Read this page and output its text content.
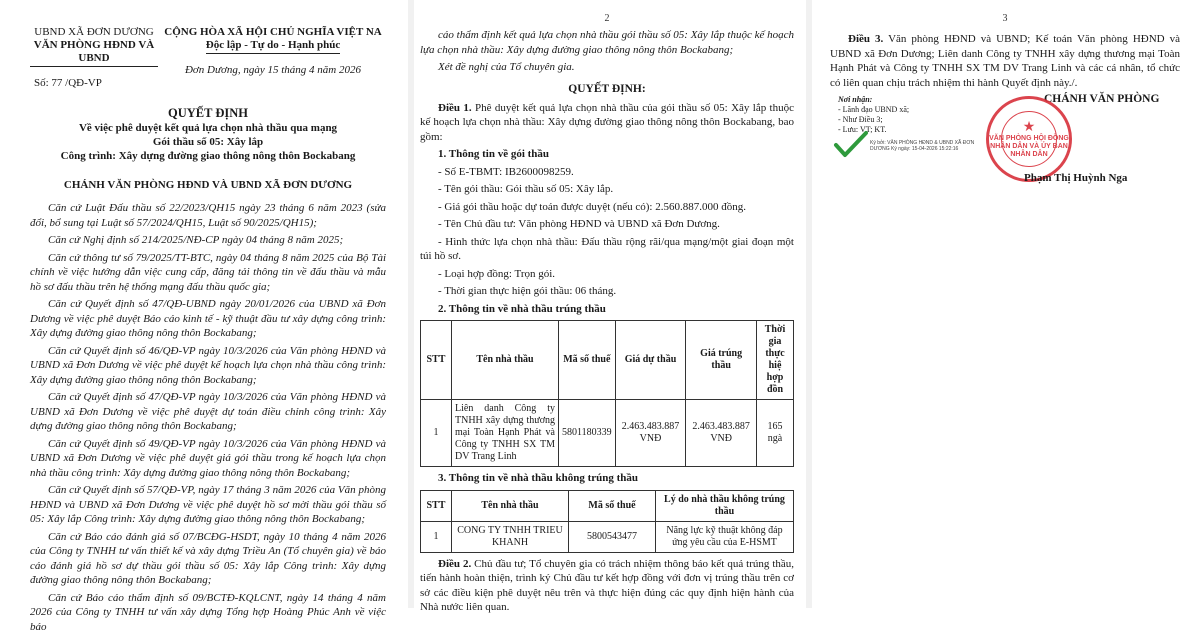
UBND XÃ ĐƠN DƯƠNG
VĂN PHÒNG HĐND VÀ UBND
Số: 77 /QĐ-VP
CỘNG HÒA XÃ HỘI CHỦ NGHĨA VIỆT NA
Độc lập - Tự do - Hạnh phúc
Đơn Dương, ngày 15 tháng 4 năm 2026
QUYẾT ĐỊNH
Về việc phê duyệt kết quả lựa chọn nhà thầu qua mạng
Gói thầu số 05: Xây lắp
Công trình: Xây dựng đường giao thông nông thôn Bockabang
CHÁNH VĂN PHÒNG HĐND VÀ UBND XÃ ĐƠN DƯƠNG

Căn cứ Luật Đấu thầu số 22/2023/QH15 ngày 23 tháng 6 năm 2023 (sửa đổi, bổ sung tại Luật số 57/2024/QH15, Luật số 90/2025/QH15);

Căn cứ Nghị định số 214/2025/NĐ-CP ngày 04 tháng 8 năm 2025;

Căn cứ thông tư số 79/2025/TT-BTC, ngày 04 tháng 8 năm 2025 của Bộ Tài chính về việc hướng dẫn việc cung cấp, đăng tải thông tin về đấu thầu và mẫu hồ sơ đấu thầu trên hệ thống mạng đấu thầu quốc gia;

Căn cứ Quyết định số 47/QĐ-UBND ngày 20/01/2026 của UBND xã Đơn Dương về việc phê duyệt Báo cáo kinh tế - kỹ thuật đầu tư xây dựng công trình: Xây dựng đường giao thông nông thôn Bockabang;

Căn cứ Quyết định số 46/QĐ-VP ngày 10/3/2026 của Văn phòng HĐND và UBND xã Đơn Dương về việc phê duyệt kế hoạch lựa chọn nhà thầu công trình: Xây dựng đường giao thông nông thôn Bockabang;

Căn cứ Quyết định số 47/QĐ-VP ngày 10/3/2026 của Văn phòng HĐND và UBND xã Đơn Dương về việc phê duyệt dự toán điều chỉnh công trình: Xây dựng đường giao thông nông thôn Bockabang;

Căn cứ Quyết định số 49/QĐ-VP ngày 10/3/2026 của Văn phòng HĐND và UBND xã Đơn Dương về việc phê duyệt giá gói thầu trong kế hoạch lựa chọn nhà thầu công trình: Xây dựng đường giao thông nông thôn Bockabang;

Căn cứ Quyết định số 57/QĐ-VP, ngày 17 tháng 3 năm 2026 của Văn phòng HĐND và UBND xã Đơn Dương về việc phê duyệt hồ sơ mời thầu gói thầu số 05: Xây lắp Công trình: Xây dựng đường giao thông nông thôn Bockabang;

Căn cứ Báo cáo đánh giá số 07/BCĐG-HSDT, ngày 10 tháng 4 năm 2026 của Công ty TNHH tư vấn thiết kế và xây dựng Triều An (Tổ chuyên gia) về báo cáo đánh giá hồ sơ dự thầu gói thầu số 05: Xây lắp Công trình: Xây dựng đường giao thông nông thôn Bockabang;

Căn cứ Báo cáo thẩm định số 09/BCTĐ-KQLCNT, ngày 14 tháng 4 năm 2026 của Công ty TNHH tư vấn xây dựng Tổng hợp Hoàng Phúc Anh về việc báo

2

cáo thẩm định kết quả lựa chọn nhà thầu gói thầu số 05: Xây lắp thuộc kế hoạch lựa chọn nhà thầu: Xây dựng đường giao thông nông thôn Bockabang;

Xét đề nghị của Tổ chuyên gia.

QUYẾT ĐỊNH:

Điều 1. Phê duyệt kết quả lựa chọn nhà thầu của gói thầu số 05: Xây lắp thuộc kế hoạch lựa chọn nhà thầu: Xây dựng đường giao thông nông thôn Bockabang, bao gồm:

1. Thông tin về gói thầu

- Số E-TBMT: IB2600098259.

- Tên gói thầu: Gói thầu số 05: Xây lắp.

- Giá gói thầu hoặc dự toán được duyệt (nếu có): 2.560.887.000 đồng.

- Tên Chủ đầu tư: Văn phòng HĐND và UBND xã Đơn Dương.

- Hình thức lựa chọn nhà thầu: Đấu thầu rộng rãi/qua mạng/một giai đoạn một túi hồ sơ.

- Loại hợp đồng: Trọn gói.

- Thời gian thực hiện gói thầu: 06 tháng.

2. Thông tin về nhà thầu trúng thầu

STT	Tên nhà thầu	Mã số thuế	Giá dự thầu	Giá trúng thầu	Thời gia thực hiệ hợp đồn
1	Liên danh Công ty TNHH xây dựng thương mại Toàn Hạnh Phát và Công ty TNHH SX TM DV Trang Linh	5801180339	2.463.483.887 VNĐ	2.463.483.887 VNĐ	165 ngà

3. Thông tin về nhà thầu không trúng thầu

STT	Tên nhà thầu	Mã số thuế	Lý do nhà thầu không trúng thầu
1	CONG TY TNHH TRIEU KHANH	5800543477	Năng lực kỹ thuật không đáp ứng yêu cầu của E-HSMT

Điều 2. Chủ đầu tư; Tổ chuyên gia có trách nhiệm thông báo kết quả trúng thầu, tiến hành hoàn thiện, trình ký Chủ đầu tư kết hợp đồng với đơn vị trúng thầu trên cơ sở các điều kiện phê duyệt nêu trên và thực hiện đúng các quy định hiện hành của Nhà nước liên quan.

3

Điều 3. Văn phòng HĐND và UBND; Kế toán Văn phòng HĐND và UBND xã Đơn Dương; Liên danh Công ty TNHH xây dựng thương mại Toàn Hạnh Phát và Công ty TNHH SX TM DV Trang Linh và các cá nhân, tổ chức có liên quan chịu trách nhiệm thi hành Quyết định này./.

Nơi nhận:
- Lãnh đạo UBND xã;
- Như Điều 3;
- Lưu: VT; KT.
CHÁNH VĂN PHÒNG
★
VĂN PHÒNG HỘI ĐỒNG NHÂN DÂN VÀ ỦY BAN NHÂN DÂN
Ký bởi: VĂN PHÒNG HĐND & UBND XÃ ĐƠN DƯƠNG Ký ngày: 15-04-2026 15:22:16
Phạm Thị Huỳnh Nga
